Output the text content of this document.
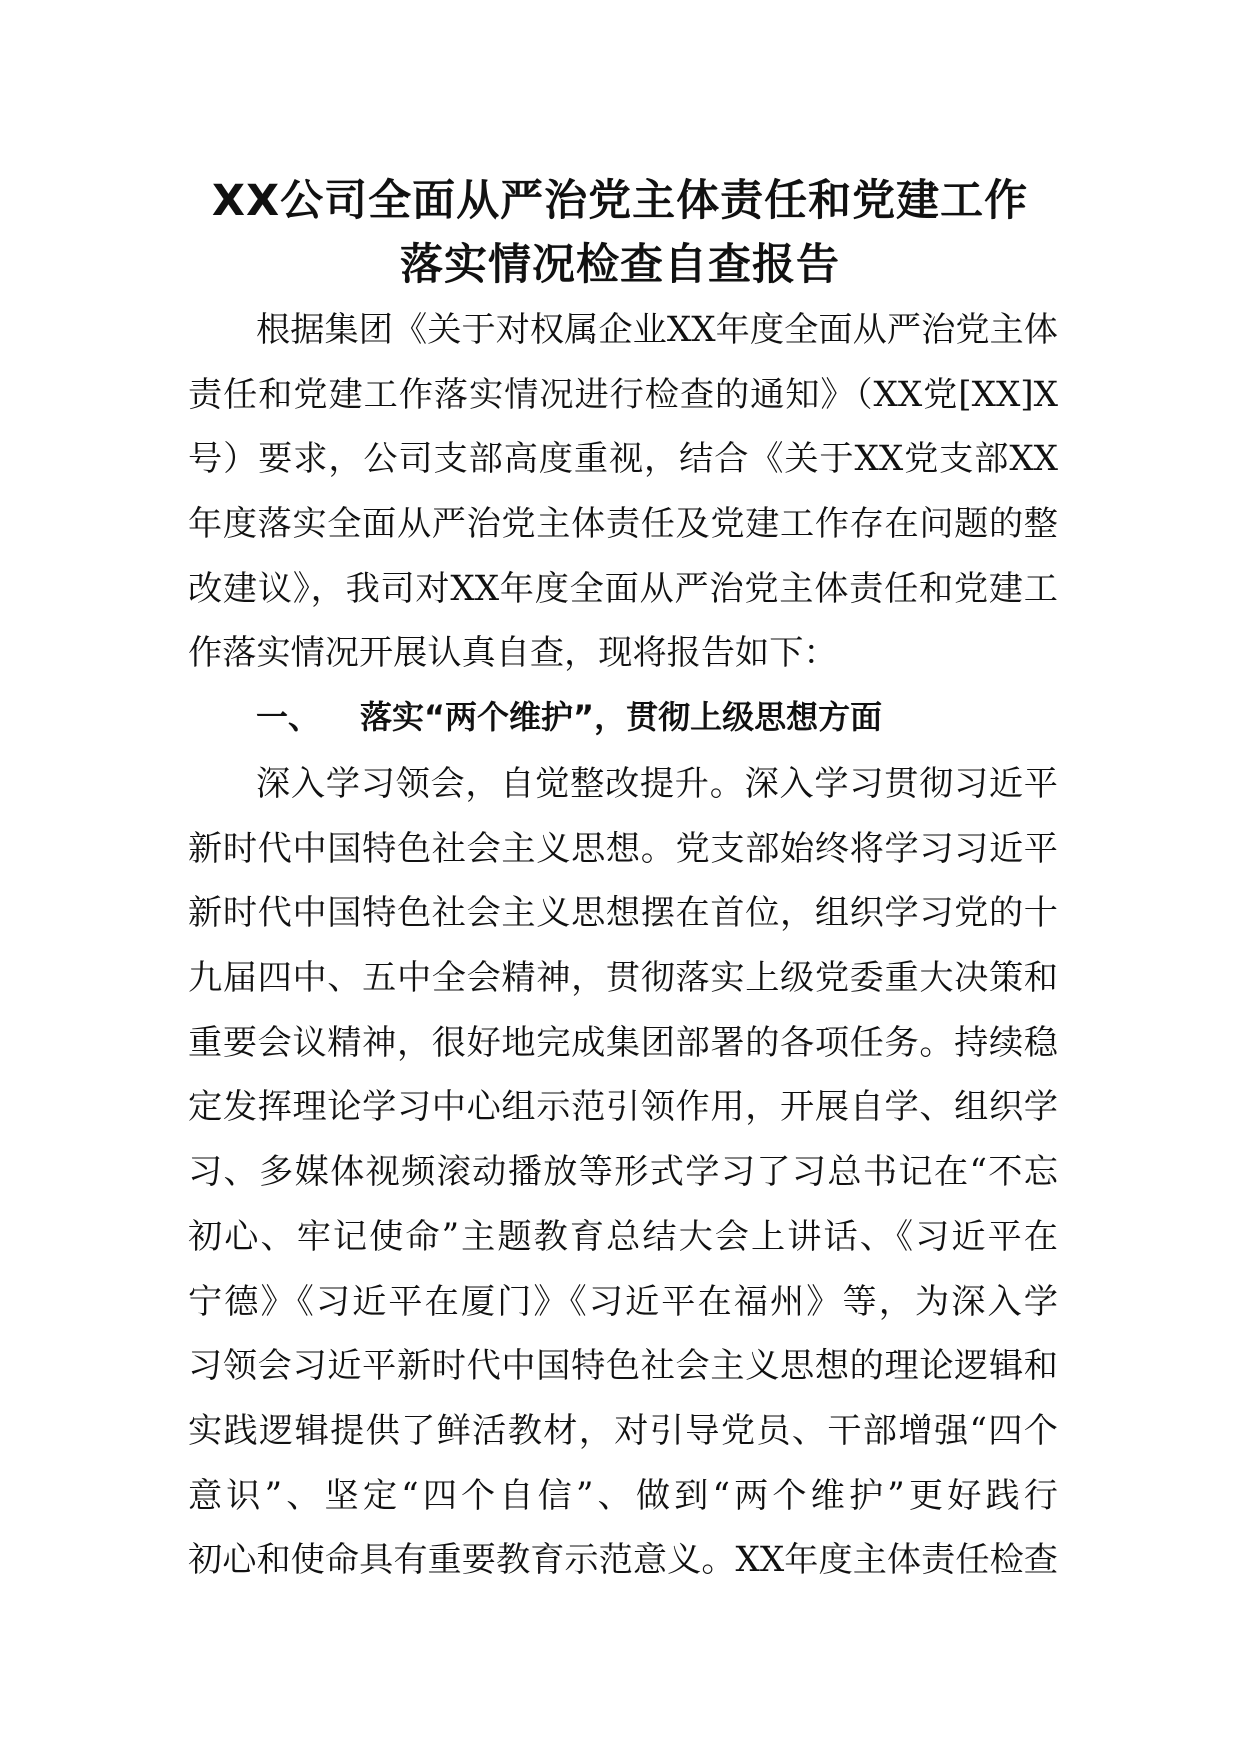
XX公司全面从严治党主体责任和党建工作
落实情况检查自查报告
根据集团《关于对权属企业XX年度全面从严治党主体
责任和党建工作落实情况进行检查的通知》（XX党[XX]X
号）要求，公司支部高度重视，结合《关于XX党支部XX
年度落实全面从严治党主体责任及党建工作存在问题的整
改建议》，我司对XX年度全面从严治党主体责任和党建工
作落实情况开展认真自查，现将报告如下：
一、 落实“两个维护”，贯彻上级思想方面
深入学习领会，自觉整改提升。深入学习贯彻习近平
新时代中国特色社会主义思想。党支部始终将学习习近平
新时代中国特色社会主义思想摆在首位，组织学习党的十
九届四中、五中全会精神，贯彻落实上级党委重大决策和
重要会议精神，很好地完成集团部署的各项任务。持续稳
定发挥理论学习中心组示范引领作用，开展自学、组织学
习、多媒体视频滚动播放等形式学习了习总书记在“不忘
初心、牢记使命”主题教育总结大会上讲话、《习近平在
宁德》《习近平在厦门》《习近平在福州》等，为深入学
习领会习近平新时代中国特色社会主义思想的理论逻辑和
实践逻辑提供了鲜活教材，对引导党员、干部增强“四个
意识”、坚定“四个自信”、做到“两个维护”更好践行
初心和使命具有重要教育示范意义。XX年度主体责任检查
